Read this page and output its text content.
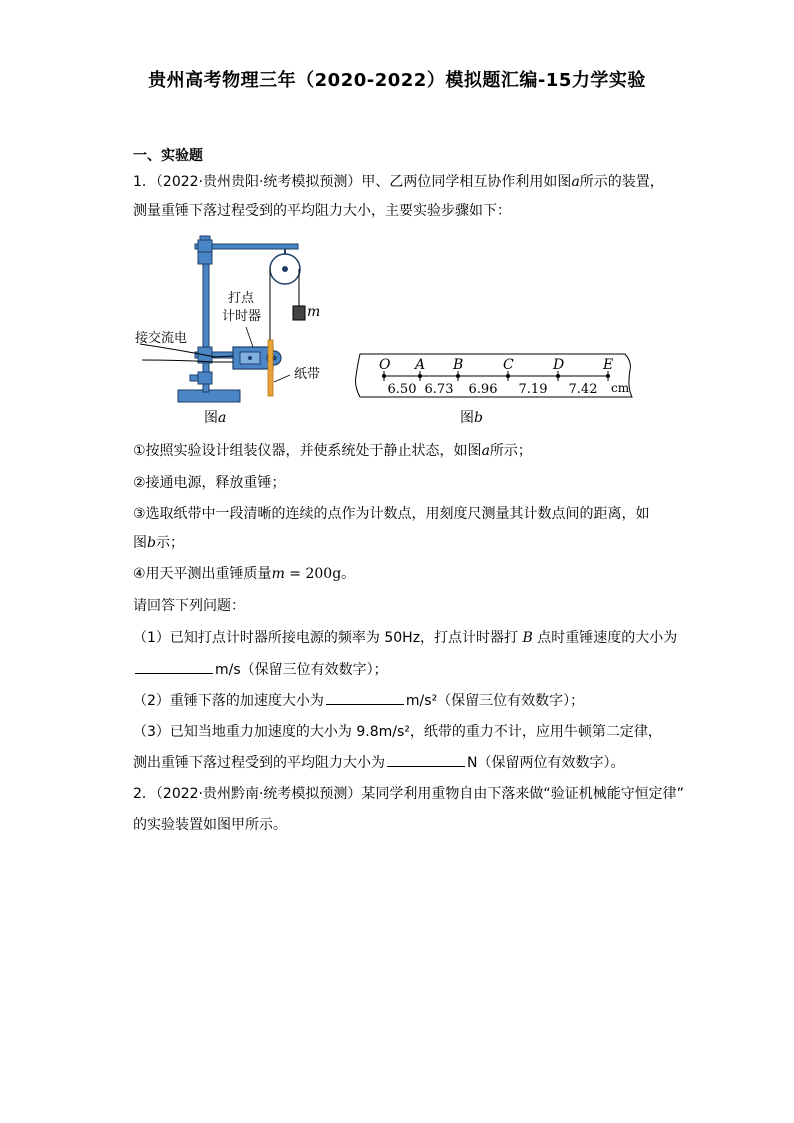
贵州高考物理三年（2020-2022）模拟题汇编-15力学实验
一、实验题
1．（2022·贵州贵阳·统考模拟预测）甲、乙两位同学相互协作利用如图a所示的装置，
测量重锤下落过程受到的平均阻力大小，主要实验步骤如下：
打点
计时器
接交流电
m
纸带
图a
O A B	C	D	E
6.50 6.73 6.96 7.19 7.42 cm
图b
①按照实验设计组装仪器，并使系统处于静止状态，如图a所示；
②接通电源，释放重锤；
③选取纸带中一段清晰的连续的点作为计数点，用刻度尺测量其计数点间的距离，如
图b示；
④用天平测出重锤质量m = 200g。
请回答下列问题：
（1）已知打点计时器所接电源的频率为 50Hz，打点计时器打 B 点时重锤速度的大小为
m/s（保留三位有效数字）；
（2）重锤下落的加速度大小为	m/s²（保留三位有效数字）；
（3）已知当地重力加速度的大小为 9.8m/s²，纸带的重力不计，应用牛顿第二定律，
测出重锤下落过程受到的平均阻力大小为	N（保留两位有效数字）。
2．（2022·贵州黔南·统考模拟预测）某同学利用重物自由下落来做“验证机械能守恒定律”
的实验装置如图甲所示。
